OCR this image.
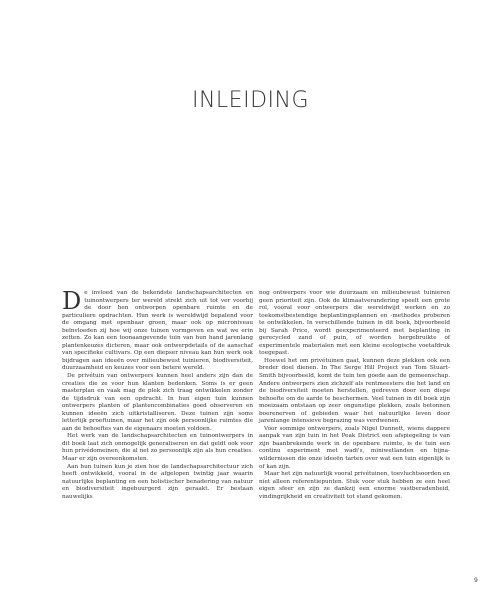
INLEIDING

De invloed van de bekendste landschapsarchitecten en tuinontwerpers ter wereld strekt zich uit tot ver voorbij de door hen ontworpen openbare ruimte en de particuliere opdrachten. Hun werk is wereldwijd bepalend voor de omgang met openbaar groen, maar ook op microniveau beïnvloeden zij hoe wij onze tuinen vormgeven en wat we erin zetten. Zo kan een toonaangevende tuin van hun hand jarenlang plantenkeuzes dicteren, maar ook ontwerpdetails of de aanschaf van specifieke cultivars. Op een diepser niveau kan hun werk ook bijdragen aan ideeën over milieubewust tuinieren, biodiversiteit, duurzaamheid en keuzes voor een betere wereld.

De privétuin van ontwerpers kunnen heel anders zijn dan de creaties die ze voor hun klanten bedenken. Soms is er geen masterplan en vaak mag de plek zich traag ontwikkelen zonder de tijdsdruk van een opdracht. In hun eigen tuin kunnen ontwerpers planten of plantencombinaties goed observeren en kunnen ideeën zich uitkristalliseren. Deze tuinen zijn soms letterlijk proeftuinen, maar het zijn ook persoonlijke ruimtes die aan de behoeftes van de eigenaars moeten voldoen.

Het werk van de landschapsarchitecten en tuinontwerpers in dit boek laat zich onmogelijk generaliseren en dat geldt ook voor hun privédomeinen, die al net zo persoonlijk zijn als hun creaties. Maar er zijn overeenkomsten.

Aan hun tuinen kun je zien hoe de landschapsarchitectuur zich heeft ontwikkeld, vooral in de afgelopen twintig jaar waarin natuurlijke beplanting en een holistischer benadering van natuur en biodiversiteit ingebuurgerd zijn geraakt. Er bestaan nauwelijks

nog ontwerpers voor wie duurzaam en milieubewust tuinieren geen prioriteit zijn. Ook de klimaatverandering speelt een grote rol, vooral voor ontwerpers die wereldwijd werken en zo toekomstbestendige beplantingsplannen en -methodes proberen te ontwikkelen. In verschillende tuinen in dit boek, bijvoorbeeld bij Sarah Price, wordt geexperimenteerd met beplanting in gerecycled zand of puin, of worden hergebruikte of experimentele materialen met een kleine ecologische voetafdruk toegepast.

Hoewel het om privétuinen gaat, kunnen deze plekken ook een breder doel dienen. In The Serge Hill Project van Tom Stuart-Smith bijvoorbeeld, komt de tuin ten goede aan de gemeenschap. Andere ontwerpers zien zichzelf als rentmeesters die het land en de biodiversiteit moeten herstellen, gedreven door een diepe behoefte om de aarde te beschermen. Veel tuinen in dit boek zijn moeizaam ontstaan op zeer ongunstige plekken, zoals betonnen boerenerven of gebieden waar het natuurlijke leven door jarenlange intensieve begrazing was verdwenen.

Voor sommige ontwerpers, zoals Nigel Dunnett, wiens dappere aanpak van zijn tuin in het Peak District een afspiegeling is van zijn baanbrekende werk in de openbare ruimte, is de tuin een continu experiment met wadi's, miniwetlanden en bijna-wildernissen die onze ideeën tarten over wat een tuin eigenlijk is of kan zijn.

Maar het zijn natuurlijk vooral privétuinen, toevluchtsoorden en niet alleen referentiepunten. Stuk voor stuk hebben ze een heel eigen sfeer en zijn ze dankzij een enorme vastberadenheid, vindingrijkheid en creativiteit tot stand gekomen.

9
